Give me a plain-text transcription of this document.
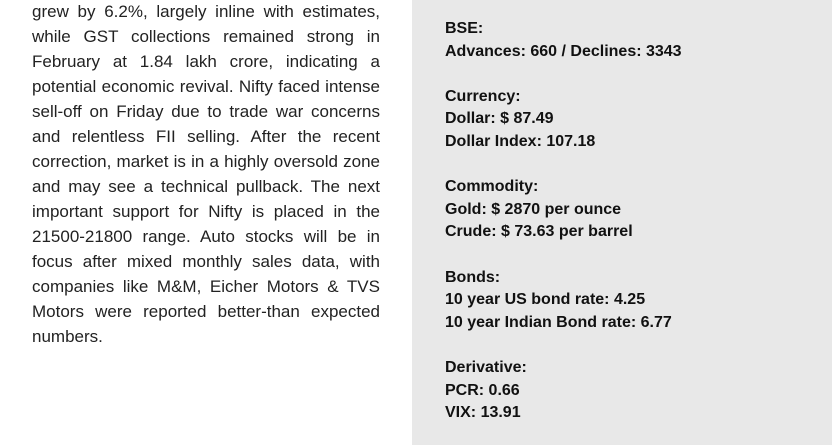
grew by 6.2%, largely inline with estimates, while GST collections remained strong in February at 1.84 lakh crore, indicating a potential economic revival. Nifty faced intense sell-off on Friday due to trade war concerns and relentless FII selling. After the recent correction, market is in a highly oversold zone and may see a technical pullback. The next important support for Nifty is placed in the 21500-21800 range. Auto stocks will be in focus after mixed monthly sales data, with companies like M&M, Eicher Motors & TVS Motors were reported better-than expected numbers.

BSE:
Advances: 660 / Declines: 3343
Currency:
Dollar: $ 87.49
Dollar Index: 107.18
Commodity:
Gold: $ 2870 per ounce
Crude: $ 73.63 per barrel
Bonds:
10 year US bond rate: 4.25
10 year Indian Bond rate: 6.77
Derivative:
PCR: 0.66
VIX: 13.91
